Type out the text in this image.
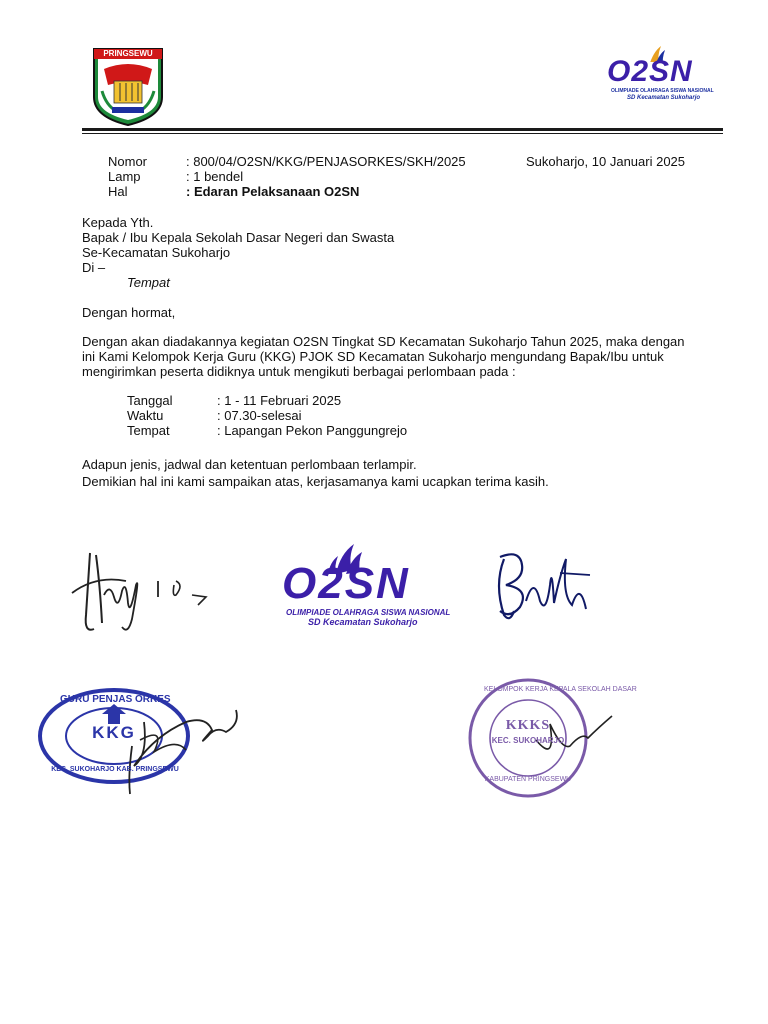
PRINGSEWU
O2SN
OLIMPIADE OLAHRAGA SISWA NASIONAL
SD Kecamatan Sukoharjo
Nomor	: 800/04/O2SN/KKG/PENJASORKES/SKH/2025	Sukoharjo, 10 Januari 2025
Lamp	: 1 bendel
Hal	: Edaran Pelaksanaan O2SN
Kepada Yth.
Bapak / Ibu Kepala Sekolah Dasar Negeri dan Swasta
Se-Kecamatan Sukoharjo
Di –
Tempat
Dengan hormat,
Dengan akan diadakannya kegiatan O2SN Tingkat SD Kecamatan Sukoharjo Tahun 2025, maka dengan
ini Kami Kelompok Kerja Guru (KKG) PJOK SD Kecamatan Sukoharjo mengundang Bapak/Ibu untuk
mengirimkan peserta didiknya untuk mengikuti berbagai perlombaan pada :
Tanggal	: 1 - 11 Februari 2025
Waktu	: 07.30-selesai
Tempat	: Lapangan Pekon Panggungrejo
Adapun jenis, jadwal dan ketentuan perlombaan terlampir.
Demikian hal ini kami sampaikan atas, kerjasamanya kami ucapkan terima kasih.
O2SN
OLIMPIADE OLAHRAGA SISWA NASIONAL
SD Kecamatan Sukoharjo
GURU PENJAS ORKES
KKG
KEC. SUKOHARJO KAB. PRINGSEWU
KELOMPOK KERJA KEPALA SEKOLAH DASAR
KKKS
KEC. SUKOHARJO
KABUPATEN PRINGSEWU
